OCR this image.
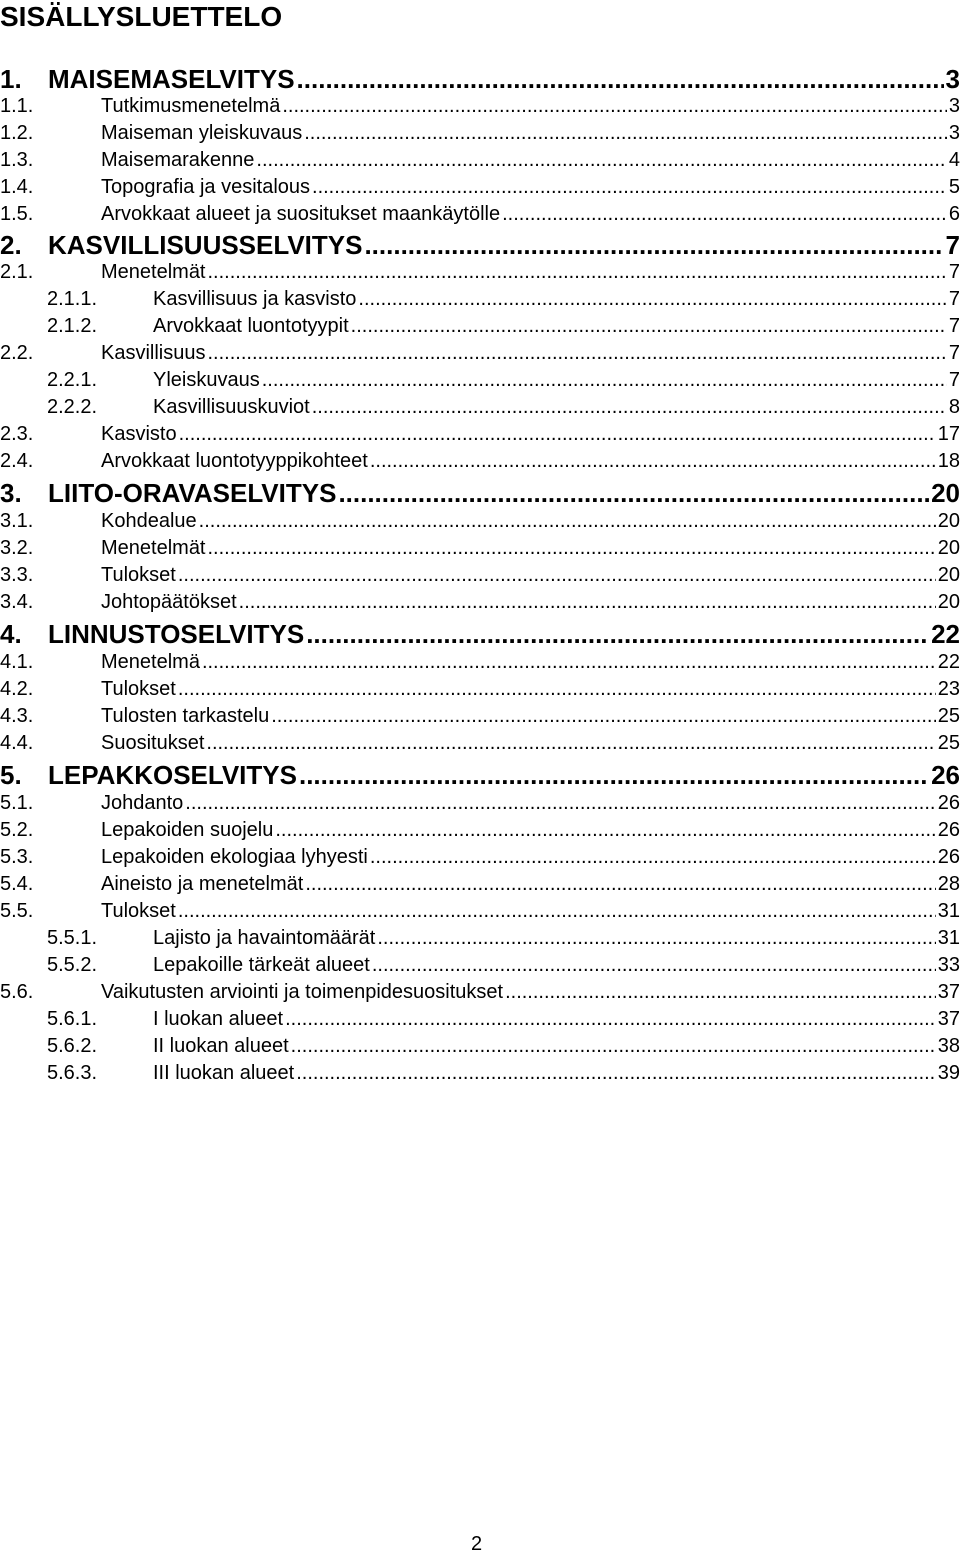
SISÄLLYSLUETTELO
1.	MAISEMASELVITYS .....	3
1.1.	Tutkimusmenetelmä .....	3
1.2.	Maiseman yleiskuvaus .....	3
1.3.	Maisemarakenne .....	4
1.4.	Topografia ja vesitalous .....	5
1.5.	Arvokkaat alueet ja suositukset maankäytölle .....	6
2.	KASVILLISUUSSELVITYS .....	7
2.1.	Menetelmät .....	7
2.1.1.	Kasvillisuus ja kasvisto .....	7
2.1.2.	Arvokkaat luontotyypit .....	7
2.2.	Kasvillisuus .....	7
2.2.1.	Yleiskuvaus .....	7
2.2.2.	Kasvillisuuskuviot .....	8
2.3.	Kasvisto .....	17
2.4.	Arvokkaat luontotyyppikohteet .....	18
3.	LIITO-ORAVASELVITYS .....	20
3.1.	Kohdealue .....	20
3.2.	Menetelmät .....	20
3.3.	Tulokset .....	20
3.4.	Johtopäätökset .....	20
4.	LINNUSTOSELVITYS .....	22
4.1.	Menetelmä .....	22
4.2.	Tulokset .....	23
4.3.	Tulosten tarkastelu .....	25
4.4.	Suositukset .....	25
5.	LEPAKKOSELVITYS .....	26
5.1.	Johdanto .....	26
5.2.	Lepakoiden suojelu .....	26
5.3.	Lepakoiden ekologiaa lyhyesti .....	26
5.4.	Aineisto ja menetelmät .....	28
5.5.	Tulokset .....	31
5.5.1.	Lajisto ja havaintomäärät .....	31
5.5.2.	Lepakoille tärkeät alueet .....	33
5.6.	Vaikutusten arviointi ja toimenpidesuositukset .....	37
5.6.1.	I luokan alueet .....	37
5.6.2.	II luokan alueet .....	38
5.6.3.	III luokan alueet .....	39
2
